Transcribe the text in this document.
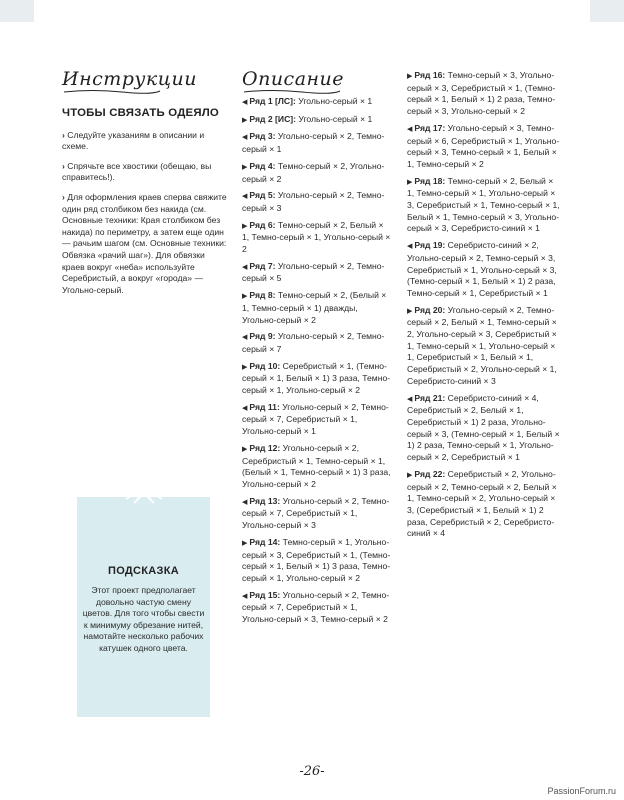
Инструкции
ЧТОБЫ СВЯЗАТЬ ОДЕЯЛО
› Следуйте указаниям в описании и схеме.
› Спрячьте все хвостики (обещаю, вы справитесь!).
› Для оформления краев сперва свяжите один ряд столбиком без накида (см. Основные техники: Края столбиком без накида) по периметру, а затем еще один — рачьим шагом (см. Основные техники: Обвязка «рачий шаг»). Для обвязки краев вокруг «неба» используйте Серебристый, а вокруг «города» — Угольно-серый.
ПОДСКАЗКА
Этот проект предполагает довольно частую смену цветов. Для того чтобы свести к минимуму обрезание нитей, намотайте несколько рабочих катушек одного цвета.
Описание
◀ Ряд 1 [ЛС]: Угольно-серый × 1
▶ Ряд 2 [ИС]: Угольно-серый × 1
◀ Ряд 3: Угольно-серый × 2, Темно-серый × 1
▶ Ряд 4: Темно-серый × 2, Угольно-серый × 2
◀ Ряд 5: Угольно-серый × 2, Темно-серый × 3
▶ Ряд 6: Темно-серый × 2, Белый × 1, Темно-серый × 1, Угольно-серый × 2
◀ Ряд 7: Угольно-серый × 2, Темно-серый × 5
▶ Ряд 8: Темно-серый × 2, (Белый × 1, Темно-серый × 1) дважды, Угольно-серый × 2
◀ Ряд 9: Угольно-серый × 2, Темно-серый × 7
▶ Ряд 10: Серебристый × 1, (Темно-серый × 1, Белый × 1) 3 раза, Темно-серый × 1, Угольно-серый × 2
◀ Ряд 11: Угольно-серый × 2, Темно-серый × 7, Серебристый × 1, Угольно-серый × 1
▶ Ряд 12: Угольно-серый × 2, Серебристый × 1, Темно-серый × 1, (Белый × 1, Темно-серый × 1) 3 раза, Угольно-серый × 2
◀ Ряд 13: Угольно-серый × 2, Темно-серый × 7, Серебристый × 1, Угольно-серый × 3
▶ Ряд 14: Темно-серый × 1, Угольно-серый × 3, Серебристый × 1, (Темно-серый × 1, Белый × 1) 3 раза, Темно-серый × 1, Угольно-серый × 2
◀ Ряд 15: Угольно-серый × 2, Темно-серый × 7, Серебристый × 1, Угольно-серый × 3, Темно-серый × 2
▶ Ряд 16: Темно-серый × 3, Угольно-серый × 3, Серебристый × 1, (Темно-серый × 1, Белый × 1) 2 раза, Темно-серый × 3, Угольно-серый × 2
◀ Ряд 17: Угольно-серый × 3, Темно-серый × 6, Серебристый × 1, Угольно-серый × 3, Темно-серый × 1, Белый × 1, Темно-серый × 2
▶ Ряд 18: Темно-серый × 2, Белый × 1, Темно-серый × 1, Угольно-серый × 3, Серебристый × 1, Темно-серый × 1, Белый × 1, Темно-серый × 3, Угольно-серый × 3, Серебристо-синий × 1
◀ Ряд 19: Серебристо-синий × 2, Угольно-серый × 2, Темно-серый × 3, Серебристый × 1, Угольно-серый × 3, (Темно-серый × 1, Белый × 1) 2 раза, Темно-серый × 1, Серебристый × 1
▶ Ряд 20: Угольно-серый × 2, Темно-серый × 2, Белый × 1, Темно-серый × 2, Угольно-серый × 3, Серебристый × 1, Темно-серый × 1, Угольно-серый × 1, Серебристый × 1, Белый × 1, Серебристый × 2, Угольно-серый × 1, Серебристо-синий × 3
◀ Ряд 21: Серебристо-синий × 4, Серебристый × 2, Белый × 1, Серебристый × 1) 2 раза, Угольно-серый × 3, (Темно-серый × 1, Белый × 1) 2 раза, Темно-серый × 1, Угольно-серый × 2, Серебристый × 1
▶ Ряд 22: Серебристый × 2, Угольно-серый × 2, Темно-серый × 2, Белый × 1, Темно-серый × 2, Угольно-серый × 3, (Серебристый × 1, Белый × 1) 2 раза, Серебристый × 2, Серебристо-синий × 4
-26-
PassionForum.ru
